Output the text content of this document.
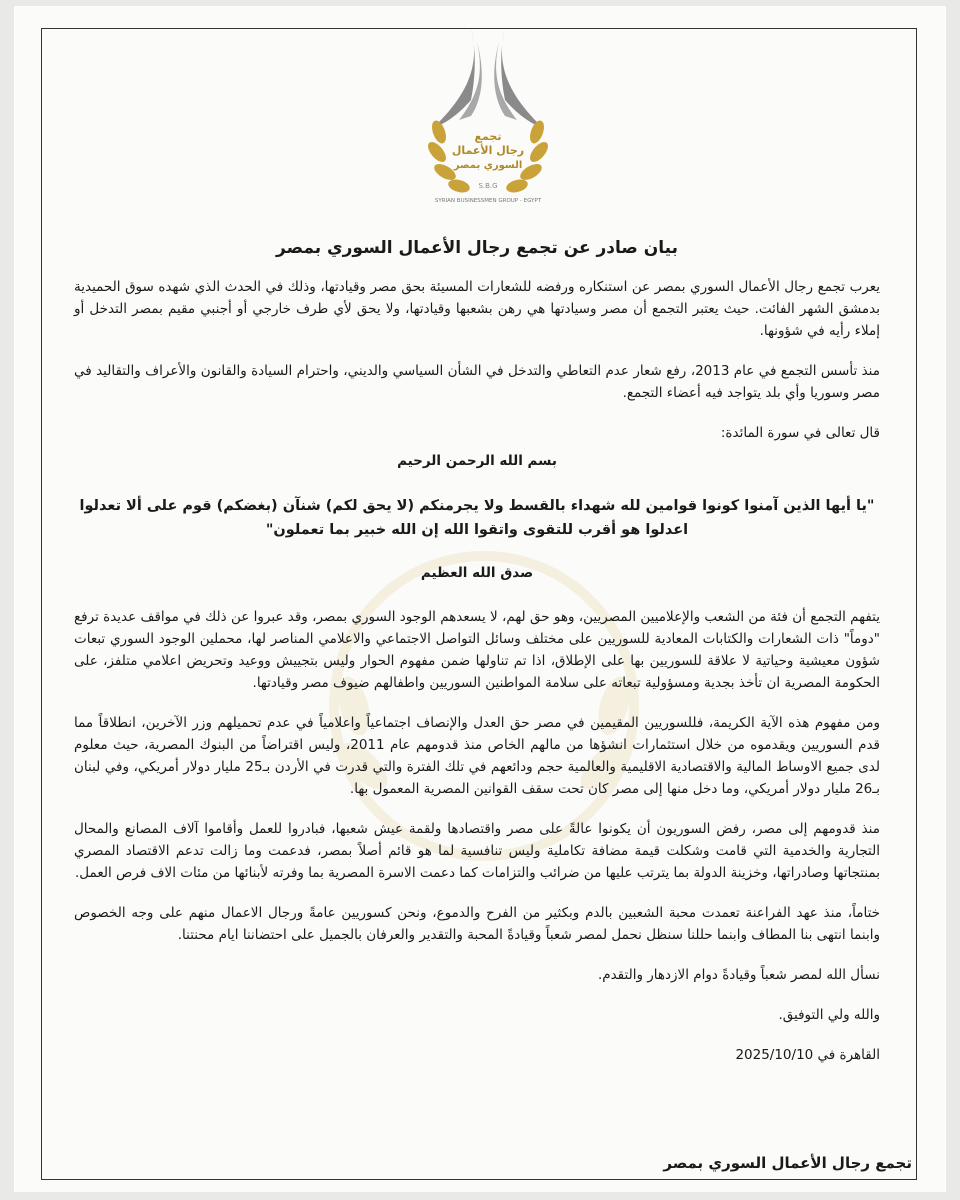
تجمع
رجال الأعمال
السوري بمصر
S.B.G
SYRIAN BUSINESSMEN GROUP - EGYPT
بيان صادر عن تجمع رجال الأعمال السوري بمصر

يعرب تجمع رجال الأعمال السوري بمصر عن استنكاره ورفضه للشعارات المسيئة بحق مصر وقيادتها، وذلك في الحدث الذي شهده سوق الحميدية بدمشق الشهر الفائت. حيث يعتبر التجمع أن مصر وسيادتها هي رهن بشعبها وقيادتها، ولا يحق لأي طرف خارجي أو أجنبي مقيم بمصر التدخل أو إملاء رأيه في شؤونها.

منذ تأسس التجمع في عام 2013، رفع شعار عدم التعاطي والتدخل في الشأن السياسي والديني، واحترام السيادة والقانون والأعراف والتقاليد في مصر وسوريا وأي بلد يتواجد فيه أعضاء التجمع.

قال تعالى في سورة المائدة:

بسم الله الرحمن الرحيم

"يا أيها الذين آمنوا كونوا قوامين لله شهداء بالقسط ولا يجرمنكم (لا يحق لكم) شنآن (بغضكم) قوم على ألا تعدلوا اعدلوا هو أقرب للتقوى واتقوا الله إن الله خبير بما تعملون"

صدق الله العظيم

يتفهم التجمع أن فئة من الشعب والإعلاميين المصريين، وهو حق لهم، لا يسعدهم الوجود السوري بمصر، وقد عبروا عن ذلك في مواقف عديدة ترفع "دوماً" ذات الشعارات والكتابات المعادية للسوريين على مختلف وسائل التواصل الاجتماعي والاعلامي المناصر لها، محملين الوجود السوري تبعات شؤون معيشية وحياتية لا علاقة للسوريين بها على الإطلاق، اذا تم تناولها ضمن مفهوم الحوار وليس بتجييش ووعيد وتحريض اعلامي متلفز، على الحكومة المصرية ان تأخذ بجدية ومسؤولية تبعاته على سلامة المواطنين السوريين واطفالهم ضيوف مصر وقيادتها.

ومن مفهوم هذه الآية الكريمة، فللسوريين المقيمين في مصر حق العدل والإنصاف اجتماعياً واعلامياً في عدم تحميلهم وزر الآخرين، انطلاقاً مما قدم السوريين ويقدموه من خلال استثمارات انشؤها من مالهم الخاص منذ قدومهم عام 2011، وليس اقتراضاً من البنوك المصرية، حيث معلوم لدى جميع الاوساط المالية والاقتصادية الاقليمية والعالمية حجم ودائعهم في تلك الفترة والتي قدرت في الأردن بـ25 مليار دولار أمريكي، وفي لبنان بـ26 مليار دولار أمريكي، وما دخل منها إلى مصر كان تحت سقف القوانين المصرية المعمول بها.

منذ قدومهم إلى مصر، رفض السوريون أن يكونوا عالةً على مصر واقتصادها ولقمة عيش شعبها، فبادروا للعمل وأقاموا آلاف المصانع والمحال التجارية والخدمية التي قامت وشكلت قيمة مضافة تكاملية وليس تنافسية لما هو قائم أصلاً بمصر، فدعمت وما زالت تدعم الاقتصاد المصري بمنتجاتها وصادراتها، وخزينة الدولة بما يترتب عليها من ضرائب والتزامات كما دعمت الاسرة المصرية بما وفرته لأبنائها من مئات الاف فرص العمل.

ختاماً، منذ عهد الفراعنة تعمدت محبة الشعبين بالدم وبكثير من الفرح والدموع، ونحن كسوريين عامةً ورجال الاعمال منهم على وجه الخصوص وابنما انتهى بنا المطاف وابنما حللنا سنظل نحمل لمصر شعباً وقيادةً المحبة والتقدير والعرفان بالجميل على احتضاننا ايام محنتنا.

نسأل الله لمصر شعباً وقيادةً دوام الازدهار والتقدم.

والله ولي التوفيق.

القاهرة في 2025/10/10

تجمع رجال الأعمال السوري بمصر
